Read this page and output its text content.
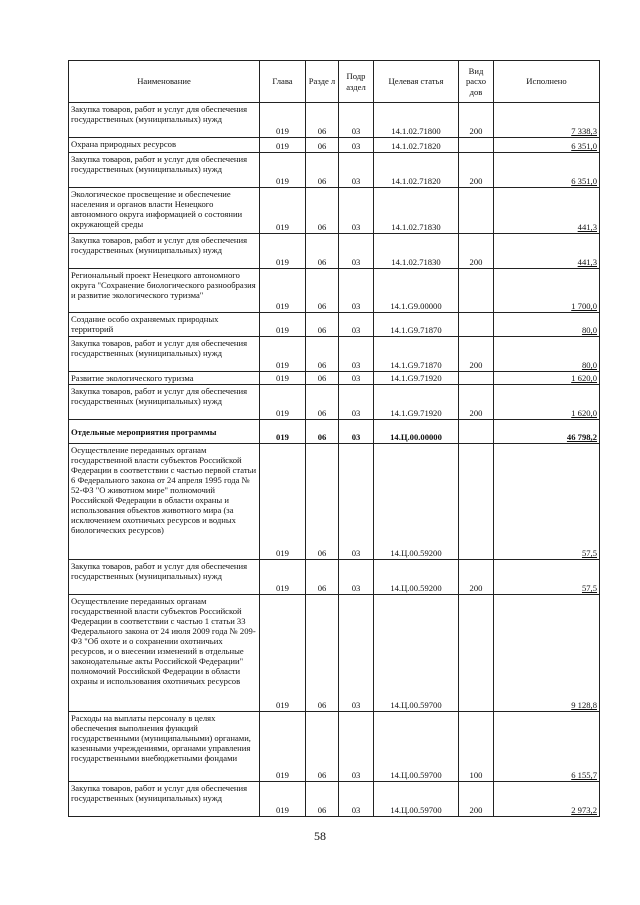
Наименование	Глава	Разде л	Подр аздел	Целевая статья	Вид расхо дов	Исполнено
Закупка товаров, работ и услуг для обеспечения государственных (муниципальных) нужд	019	06	03	14.1.02.71800	200	7 338,3
Охрана природных ресурсов	019	06	03	14.1.02.71820		6 351,0
Закупка товаров, работ и услуг для обеспечения государственных (муниципальных) нужд	019	06	03	14.1.02.71820	200	6 351,0
Экологическое просвещение и обеспечение населения и органов власти Ненецкого автономного округа информацией о состоянии окружающей среды	019	06	03	14.1.02.71830		441,3
Закупка товаров, работ и услуг для обеспечения государственных (муниципальных) нужд	019	06	03	14.1.02.71830	200	441,3
Региональный проект Ненецкого автономного округа "Сохранение биологического разнообразия и развитие экологического туризма"	019	06	03	14.1.G9.00000		1 700,0
Создание особо охраняемых природных территорий	019	06	03	14.1.G9.71870		80,0
Закупка товаров, работ и услуг для обеспечения государственных (муниципальных) нужд	019	06	03	14.1.G9.71870	200	80,0
Развитие экологического туризма	019	06	03	14.1.G9.71920		1 620,0
Закупка товаров, работ и услуг для обеспечения государственных (муниципальных) нужд	019	06	03	14.1.G9.71920	200	1 620,0
Отдельные мероприятия программы	019	06	03	14.Ц.00.00000		46 798,2
Осуществление переданных органам государственной власти субъектов Российской Федерации в соответствии с частью первой статьи 6 Федерального закона от 24 апреля 1995 года № 52-ФЗ "О животном мире" полномочий Российской Федерации в области охраны и использования объектов животного мира (за исключением охотничьих ресурсов и водных биологических ресурсов)	019	06	03	14.Ц.00.59200		57,5
Закупка товаров, работ и услуг для обеспечения государственных (муниципальных) нужд	019	06	03	14.Ц.00.59200	200	57,5
Осуществление переданных органам государственной власти субъектов Российской Федерации в соответствии с частью 1 статьи 33 Федерального закона от 24 июля 2009 года № 209-ФЗ "Об охоте и о сохранении охотничьих ресурсов, и о внесении изменений в отдельные законодательные акты Российской Федерации" полномочий Российской Федерации в области охраны и использования охотничьих ресурсов	019	06	03	14.Ц.00.59700		9 128,8
Расходы на выплаты персоналу в целях обеспечения выполнения функций государственными (муниципальными) органами, казенными учреждениями, органами управления государственными внебюджетными фондами	019	06	03	14.Ц.00.59700	100	6 155,7
Закупка товаров, работ и услуг для обеспечения государственных (муниципальных) нужд	019	06	03	14.Ц.00.59700	200	2 973,2
58
